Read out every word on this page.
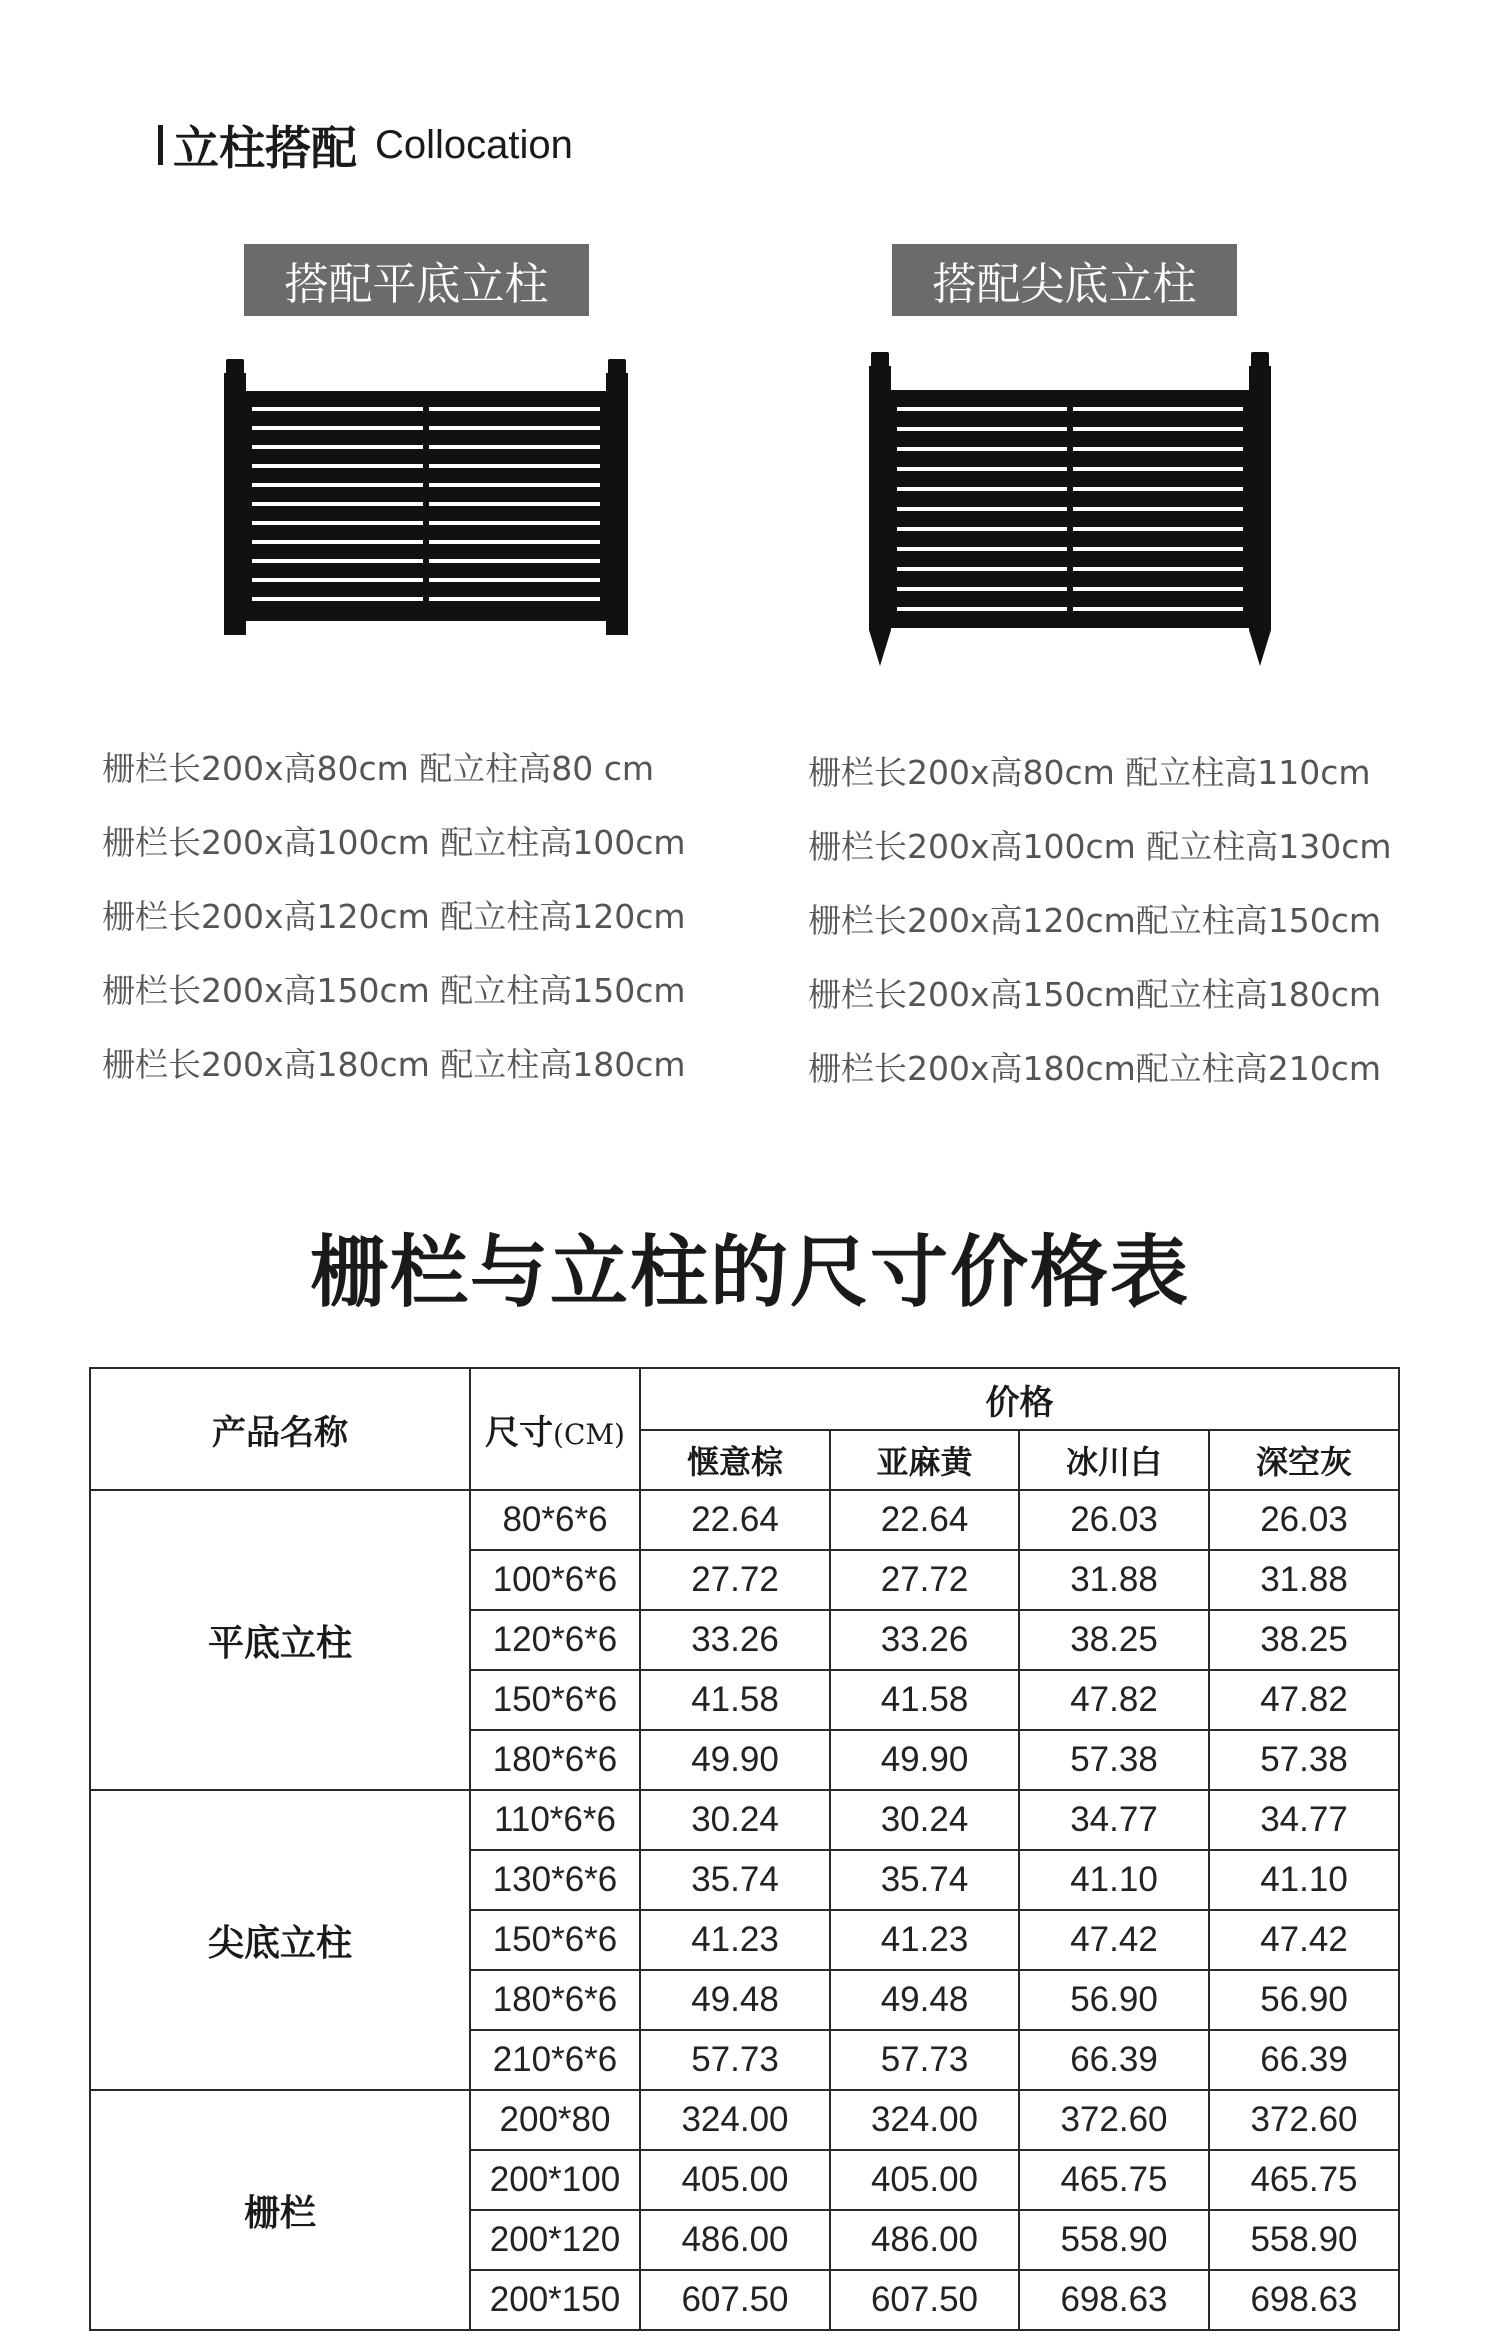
立柱搭配 Collocation
搭配平底立柱	搭配尖底立柱
栅栏长200x高80cm 配立柱高80 cm
栅栏长200x高100cm 配立柱高100cm
栅栏长200x高120cm 配立柱高120cm
栅栏长200x高150cm 配立柱高150cm
栅栏长200x高180cm 配立柱高180cm
栅栏长200x高80cm 配立柱高110cm
栅栏长200x高100cm 配立柱高130cm
栅栏长200x高120cm配立柱高150cm
栅栏长200x高150cm配立柱高180cm
栅栏长200x高180cm配立柱高210cm
栅栏与立柱的尺寸价格表
产品名称	尺寸(CM)	价格			
		惬意棕	亚麻黄	冰川白	深空灰
平底立柱	80*6*6	22.64	22.64	26.03	26.03
	100*6*6	27.72	27.72	31.88	31.88
	120*6*6	33.26	33.26	38.25	38.25
	150*6*6	41.58	41.58	47.82	47.82
	180*6*6	49.90	49.90	57.38	57.38
尖底立柱	110*6*6	30.24	30.24	34.77	34.77
	130*6*6	35.74	35.74	41.10	41.10
	150*6*6	41.23	41.23	47.42	47.42
	180*6*6	49.48	49.48	56.90	56.90
	210*6*6	57.73	57.73	66.39	66.39
栅栏	200*80	324.00	324.00	372.60	372.60
	200*100	405.00	405.00	465.75	465.75
	200*120	486.00	486.00	558.90	558.90
	200*150	607.50	607.50	698.63	698.63
